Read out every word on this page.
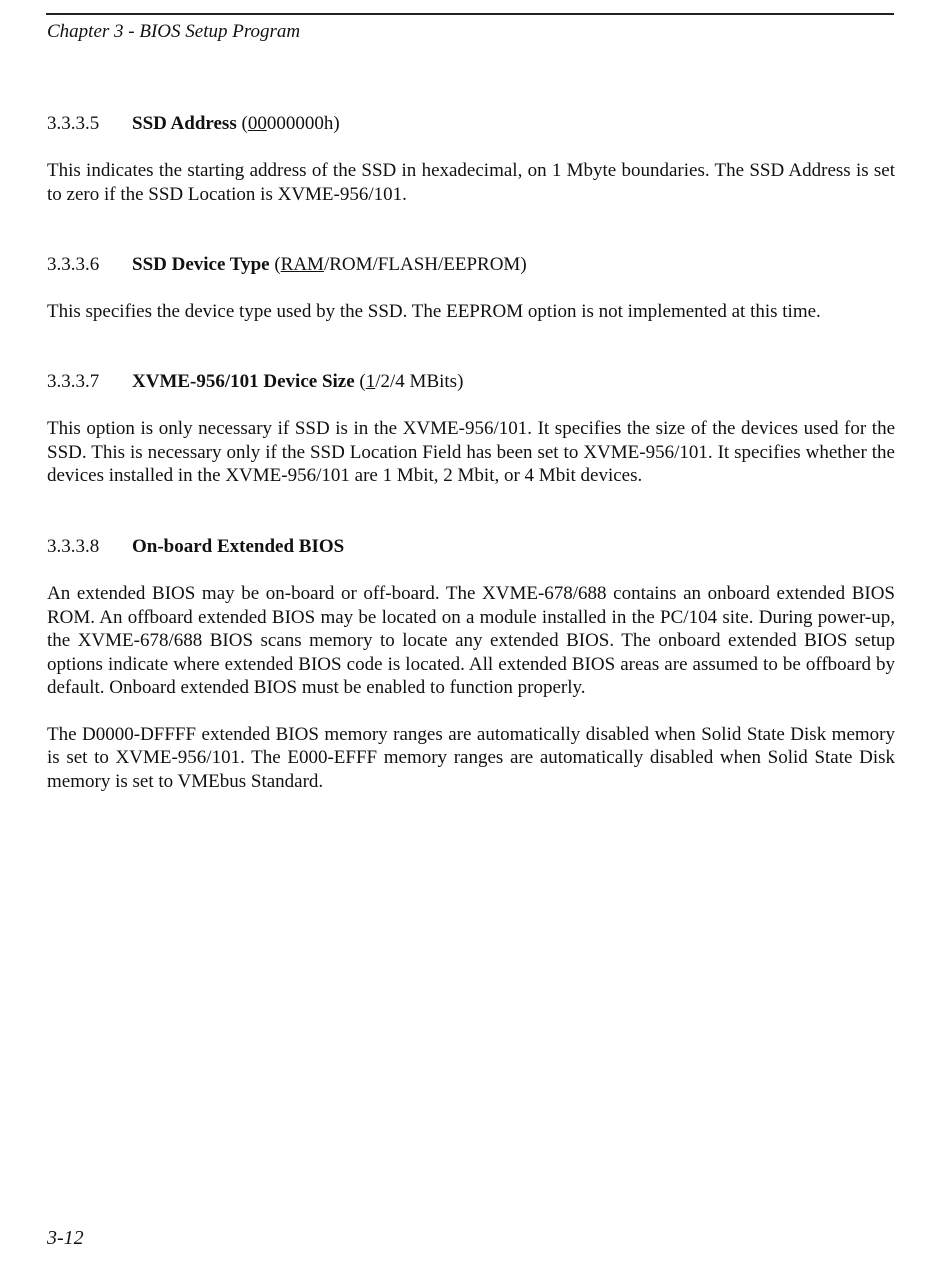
Chapter 3 - BIOS Setup Program

3.3.3.5 SSD Address (00000000h)

This indicates the starting address of the SSD in hexadecimal, on 1 Mbyte boundaries. The SSD Address is set to zero if the SSD Location is XVME-956/101.

3.3.3.6 SSD Device Type (RAM/ROM/FLASH/EEPROM)

This specifies the device type used by the SSD. The EEPROM option is not implemented at this time.

3.3.3.7 XVME-956/101 Device Size (1/2/4 MBits)

This option is only necessary if SSD is in the XVME-956/101. It specifies the size of the devices used for the SSD. This is necessary only if the SSD Location Field has been set to XVME-956/101. It specifies whether the devices installed in the XVME-956/101 are 1 Mbit, 2 Mbit, or 4 Mbit devices.

3.3.3.8 On-board Extended BIOS

An extended BIOS may be on-board or off-board. The XVME-678/688 contains an onboard extended BIOS ROM. An offboard extended BIOS may be located on a module installed in the PC/104 site. During power-up, the XVME-678/688 BIOS scans memory to locate any extended BIOS. The onboard extended BIOS setup options indicate where extended BIOS code is located. All extended BIOS areas are assumed to be offboard by default. Onboard extended BIOS must be enabled to function properly.

The D0000-DFFFF extended BIOS memory ranges are automatically disabled when Solid State Disk memory is set to XVME-956/101. The E000-EFFF memory ranges are automatically disabled when Solid State Disk memory is set to VMEbus Standard.

3-12
